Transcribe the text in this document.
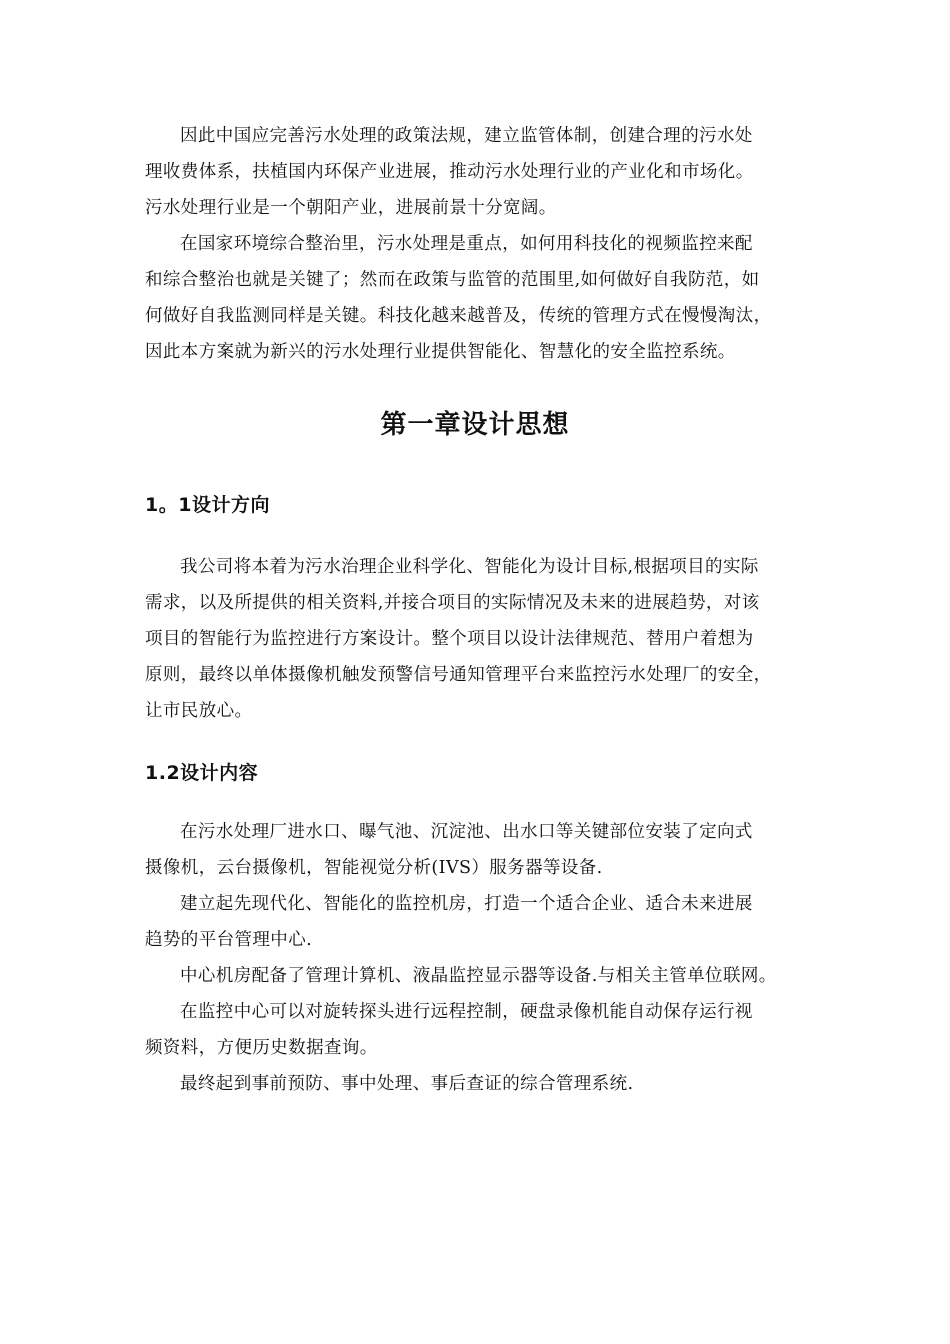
因此中国应完善污水处理的政策法规，建立监管体制，创建合理的污水处
理收费体系，扶植国内环保产业进展，推动污水处理行业的产业化和市场化。
污水处理行业是一个朝阳产业，进展前景十分宽阔。

在国家环境综合整治里，污水处理是重点，如何用科技化的视频监控来配
和综合整治也就是关键了；然而在政策与监管的范围里,如何做好自我防范，如
何做好自我监测同样是关键。科技化越来越普及，传统的管理方式在慢慢淘汰，
因此本方案就为新兴的污水处理行业提供智能化、智慧化的安全监控系统。

第一章设计思想
1。1设计方向

我公司将本着为污水治理企业科学化、智能化为设计目标,根据项目的实际
需求，以及所提供的相关资料,并接合项目的实际情况及未来的进展趋势，对该
项目的智能行为监控进行方案设计。整个项目以设计法律规范、替用户着想为
原则，最终以单体摄像机触发预警信号通知管理平台来监控污水处理厂的安全，
让市民放心。

1.2设计内容

在污水处理厂进水口、曝气池、沉淀池、出水口等关键部位安装了定向式
摄像机，云台摄像机，智能视觉分析(IVS）服务器等设备.

建立起先现代化、智能化的监控机房，打造一个适合企业、适合未来进展
趋势的平台管理中心.

中心机房配备了管理计算机、液晶监控显示器等设备.与相关主管单位联网。

在监控中心可以对旋转探头进行远程控制，硬盘录像机能自动保存运行视
频资料，方便历史数据查询。

最终起到事前预防、事中处理、事后查证的综合管理系统.
